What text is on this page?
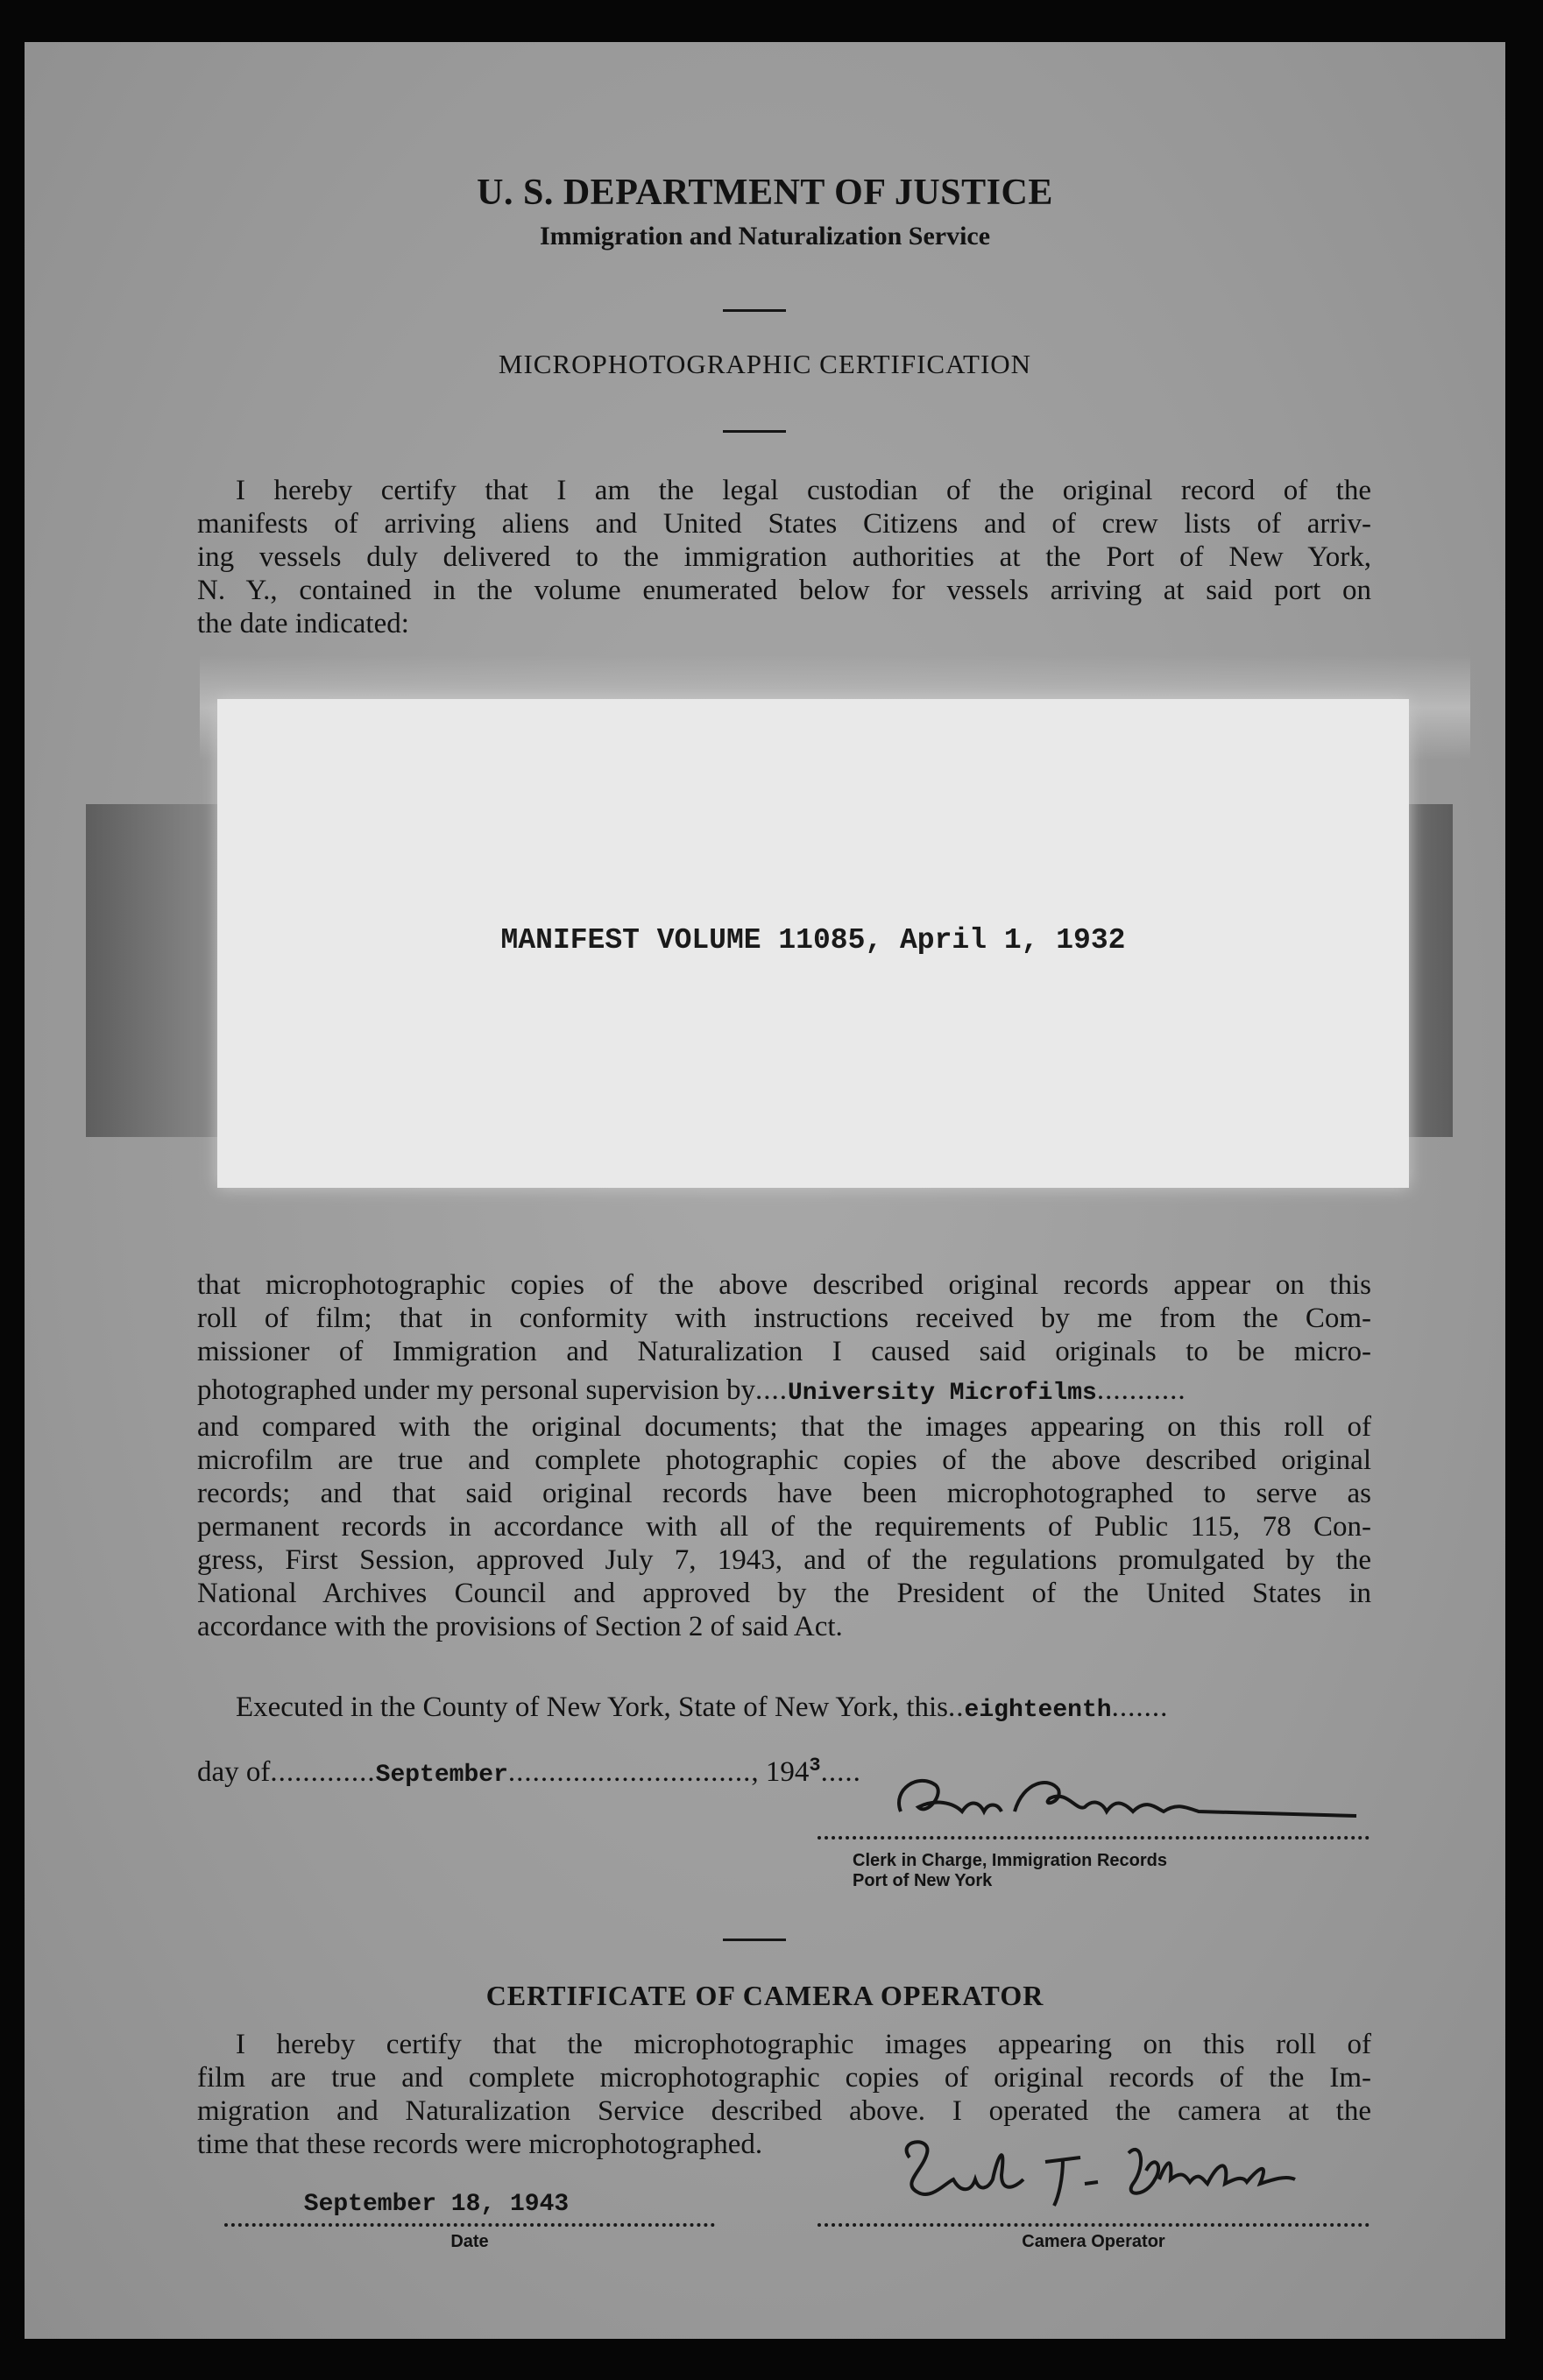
U. S. DEPARTMENT OF JUSTICE
Immigration and Naturalization Service
MICROPHOTOGRAPHIC CERTIFICATION
I hereby certify that I am the legal custodian of the original record of the
manifests of arriving aliens and United States Citizens and of crew lists of arriv-
ing vessels duly delivered to the immigration authorities at the Port of New York,
N. Y., contained in the volume enumerated below for vessels arriving at said port on
the date indicated:
MANIFEST VOLUME 11085, April 1, 1932
that microphotographic copies of the above described original records appear on this
roll of film; that in conformity with instructions received by me from the Com-
missioner of Immigration and Naturalization I caused said originals to be micro-
photographed under my personal supervision by....University Microfilms...........
and compared with the original documents; that the images appearing on this roll of
microfilm are true and complete photographic copies of the above described original
records; and that said original records have been microphotographed to serve as
permanent records in accordance with all of the requirements of Public 115, 78 Con-
gress, First Session, approved July 7, 1943, and of the regulations promulgated by the
National Archives Council and approved by the President of the United States in
accordance with the provisions of Section 2 of said Act.
Executed in the County of New York, State of New York, this..eighteenth.......
day of.............September.............................., $194^3$.....
Clerk in Charge, Immigration Records
Port of New York
CERTIFICATE OF CAMERA OPERATOR
I hereby certify that the microphotographic images appearing on this roll of
film are true and complete microphotographic copies of original records of the Im-
migration and Naturalization Service described above. I operated the camera at the
time that these records were microphotographed.
September 18, 1943
Date	Camera Operator
